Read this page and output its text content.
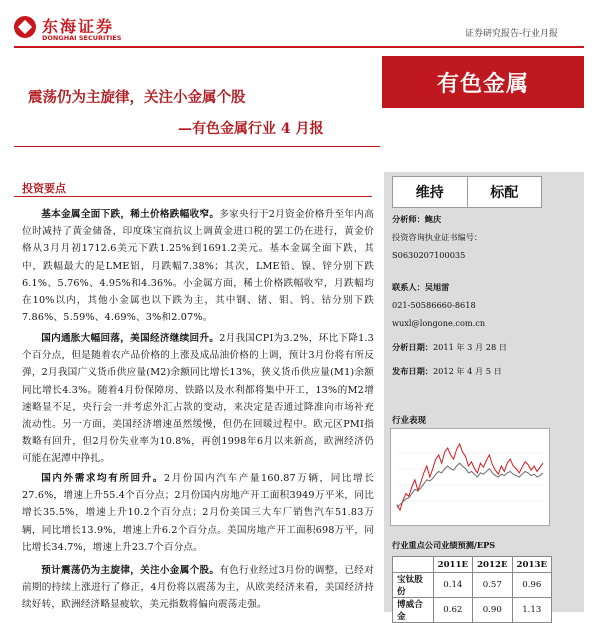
东海证券
DONGHAI SECURITIES	证券研究报告-行业月报
震荡仍为主旋律，关注小金属个股
—有色金属行业 4 月报
有色金属
投资要点
基本金属全面下跌，稀土价格跌幅收窄。多家央行于2月资金价格升至年内高位时减持了黄金储备，印度珠宝商抗议上调黄金进口税的罢工仍在进行，黄金价格从3月月初1712.6美元下跌1.25%到1691.2美元。基本金属全面下跌，其中，跌幅最大的是LME铝，月跌幅7.38%；其次，LME铅、镍、锌分别下跌6.1%、5.76%、4.95%和4.36%。小金属方面，稀土价格跌幅收窄，月跌幅均在10%以内，其他小金属也以下跌为主，其中钢、锗、钼、钨、钴分别下跌7.86%、5.59%、4.69%、3%和2.07%。
国内通胀大幅回落，美国经济继续回升。2月我国CPI为3.2%，环比下降1.3个百分点，但是随着农产品价格的上涨及成品油价格的上调，预计3月份将有所反弹，2月我国广义货币供应量(M2)余额同比增长13%，狭义货币供应量(M1)余额同比增长4.3%。随着4月份保障房、铁路以及水利都将集中开工，13%的M2增速略显不足，央行会一并考虑外汇占款的变动，来决定是否通过降准向市场补充流动性。另一方面，美国经济增速虽然缓慢，但仍在回暖过程中。欧元区PMI指数略有回升，但2月份失业率为10.8%，再创1998年6月以来新高，欧洲经济仍可能在泥潭中挣扎。
国内外需求均有所回升。2月份国内汽车产量160.87万辆，同比增长27.6%，增速上升55.4个百分点；2月份国内房地产开工面积3949万平米，同比增长35.5%，增速上升10.2个百分点；2月份美国三大车厂销售汽车51.83万辆，同比增长13.9%，增速上升6.2个百分点。美国房地产开工面积698万平，同比增长34.7%，增速上升23.7个百分点。
预计震荡仍为主旋律，关注小金属个股。有色行业经过3月份的调整，已经对前期的持续上涨进行了修正，4月份将以震荡为主，从欧美经济来看，美国经济持续好转，欧洲经济略显疲软，美元指数将偏向震荡走强。
维持	标配
分析师：鲍庆
投资咨询执业证书编号：
S0630207100035
联系人：吴旭雷
021-50586660-8618
wuxl@longone.com.cn
分析日期：2011 年 3 月 28 日
发布日期：2012 年 4 月 5 日
行业表现
行业重点公司业绩预测/EPS
	2011E	2012E	2013E
宝钛股份	0.14	0.57	0.96
博威合金	0.62	0.90	1.13
